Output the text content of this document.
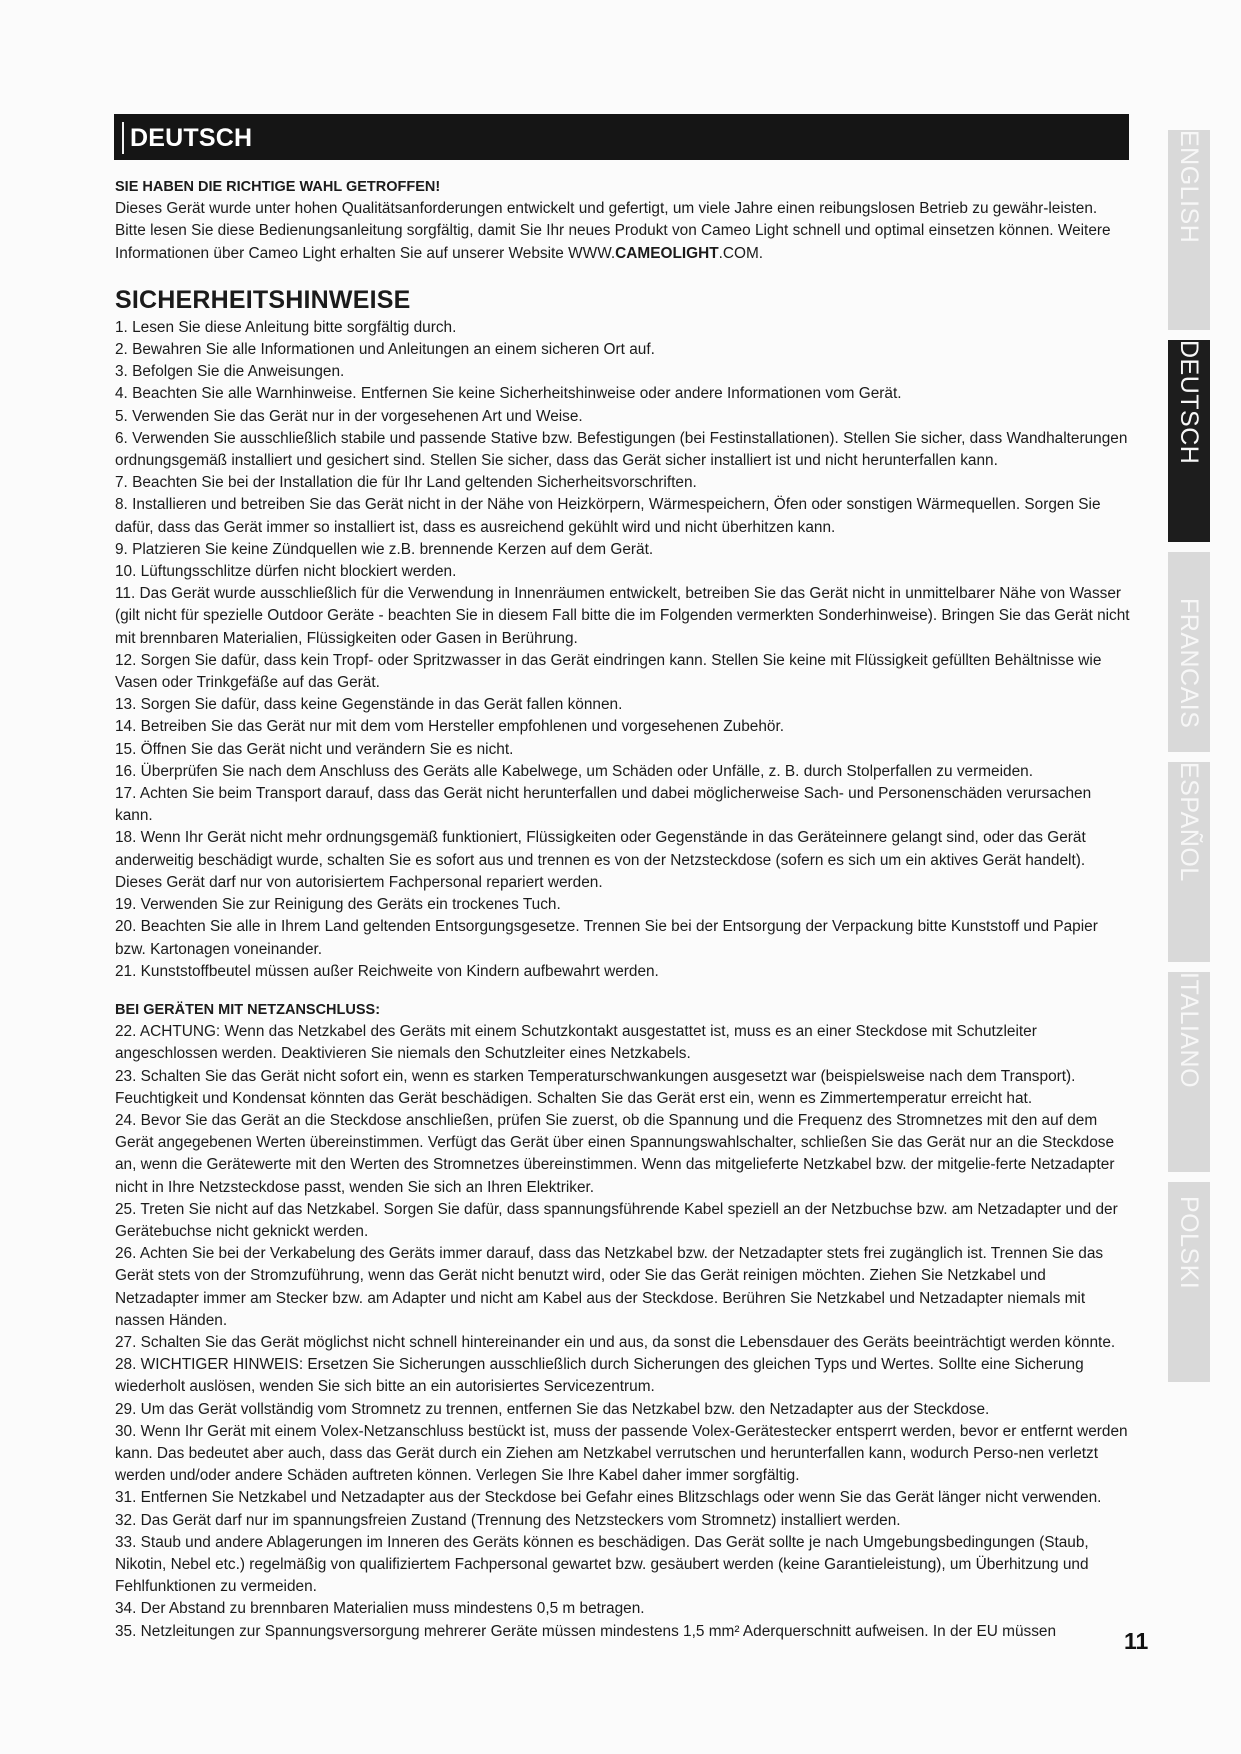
DEUTSCH

SIE HABEN DIE RICHTIGE WAHL GETROFFEN!

Dieses Gerät wurde unter hohen Qualitätsanforderungen entwickelt und gefertigt, um viele Jahre einen reibungslosen Betrieb zu gewähr-leisten. Bitte lesen Sie diese Bedienungsanleitung sorgfältig, damit Sie Ihr neues Produkt von Cameo Light schnell und optimal einsetzen können. Weitere Informationen über Cameo Light erhalten Sie auf unserer Website WWW.CAMEOLIGHT.COM.

SICHERHEITSHINWEISE

1. Lesen Sie diese Anleitung bitte sorgfältig durch.

2. Bewahren Sie alle Informationen und Anleitungen an einem sicheren Ort auf.

3. Befolgen Sie die Anweisungen.

4. Beachten Sie alle Warnhinweise. Entfernen Sie keine Sicherheitshinweise oder andere Informationen vom Gerät.

5. Verwenden Sie das Gerät nur in der vorgesehenen Art und Weise.

6. Verwenden Sie ausschließlich stabile und passende Stative bzw. Befestigungen (bei Festinstallationen). Stellen Sie sicher, dass Wandhalterungen ordnungsgemäß installiert und gesichert sind. Stellen Sie sicher, dass das Gerät sicher installiert ist und nicht herunterfallen kann.

7. Beachten Sie bei der Installation die für Ihr Land geltenden Sicherheitsvorschriften.

8. Installieren und betreiben Sie das Gerät nicht in der Nähe von Heizkörpern, Wärmespeichern, Öfen oder sonstigen Wärmequellen. Sorgen Sie dafür, dass das Gerät immer so installiert ist, dass es ausreichend gekühlt wird und nicht überhitzen kann.

9. Platzieren Sie keine Zündquellen wie z.B. brennende Kerzen auf dem Gerät.

10. Lüftungsschlitze dürfen nicht blockiert werden.

11. Das Gerät wurde ausschließlich für die Verwendung in Innenräumen entwickelt, betreiben Sie das Gerät nicht in unmittelbarer Nähe von Wasser (gilt nicht für spezielle Outdoor Geräte - beachten Sie in diesem Fall bitte die im Folgenden vermerkten Sonderhinweise). Bringen Sie das Gerät nicht mit brennbaren Materialien, Flüssigkeiten oder Gasen in Berührung.

12. Sorgen Sie dafür, dass kein Tropf- oder Spritzwasser in das Gerät eindringen kann. Stellen Sie keine mit Flüssigkeit gefüllten Behältnisse wie Vasen oder Trinkgefäße auf das Gerät.

13. Sorgen Sie dafür, dass keine Gegenstände in das Gerät fallen können.

14. Betreiben Sie das Gerät nur mit dem vom Hersteller empfohlenen und vorgesehenen Zubehör.

15. Öffnen Sie das Gerät nicht und verändern Sie es nicht.

16. Überprüfen Sie nach dem Anschluss des Geräts alle Kabelwege, um Schäden oder Unfälle, z. B. durch Stolperfallen zu vermeiden.

17. Achten Sie beim Transport darauf, dass das Gerät nicht herunterfallen und dabei möglicherweise Sach- und Personenschäden verursachen kann.

18. Wenn Ihr Gerät nicht mehr ordnungsgemäß funktioniert, Flüssigkeiten oder Gegenstände in das Geräteinnere gelangt sind, oder das Gerät anderweitig beschädigt wurde, schalten Sie es sofort aus und trennen es von der Netzsteckdose (sofern es sich um ein aktives Gerät handelt). Dieses Gerät darf nur von autorisiertem Fachpersonal repariert werden.

19. Verwenden Sie zur Reinigung des Geräts ein trockenes Tuch.

20. Beachten Sie alle in Ihrem Land geltenden Entsorgungsgesetze. Trennen Sie bei der Entsorgung der Verpackung bitte Kunststoff und Papier bzw. Kartonagen voneinander.

21. Kunststoffbeutel müssen außer Reichweite von Kindern aufbewahrt werden.

BEI GERÄTEN MIT NETZANSCHLUSS:

22. ACHTUNG: Wenn das Netzkabel des Geräts mit einem Schutzkontakt ausgestattet ist, muss es an einer Steckdose mit Schutzleiter angeschlossen werden. Deaktivieren Sie niemals den Schutzleiter eines Netzkabels.

23. Schalten Sie das Gerät nicht sofort ein, wenn es starken Temperaturschwankungen ausgesetzt war (beispielsweise nach dem Transport). Feuchtigkeit und Kondensat könnten das Gerät beschädigen. Schalten Sie das Gerät erst ein, wenn es Zimmertemperatur erreicht hat.

24. Bevor Sie das Gerät an die Steckdose anschließen, prüfen Sie zuerst, ob die Spannung und die Frequenz des Stromnetzes mit den auf dem Gerät angegebenen Werten übereinstimmen. Verfügt das Gerät über einen Spannungswahlschalter, schließen Sie das Gerät nur an die Steckdose an, wenn die Gerätewerte mit den Werten des Stromnetzes übereinstimmen. Wenn das mitgelieferte Netzkabel bzw. der mitgelie-ferte Netzadapter nicht in Ihre Netzsteckdose passt, wenden Sie sich an Ihren Elektriker.

25. Treten Sie nicht auf das Netzkabel. Sorgen Sie dafür, dass spannungsführende Kabel speziell an der Netzbuchse bzw. am Netzadapter und der Gerätebuchse nicht geknickt werden.

26. Achten Sie bei der Verkabelung des Geräts immer darauf, dass das Netzkabel bzw. der Netzadapter stets frei zugänglich ist. Trennen Sie das Gerät stets von der Stromzuführung, wenn das Gerät nicht benutzt wird, oder Sie das Gerät reinigen möchten. Ziehen Sie Netzkabel und Netzadapter immer am Stecker bzw. am Adapter und nicht am Kabel aus der Steckdose. Berühren Sie Netzkabel und Netzadapter niemals mit nassen Händen.

27. Schalten Sie das Gerät möglichst nicht schnell hintereinander ein und aus, da sonst die Lebensdauer des Geräts beeinträchtigt werden könnte.

28. WICHTIGER HINWEIS: Ersetzen Sie Sicherungen ausschließlich durch Sicherungen des gleichen Typs und Wertes. Sollte eine Sicherung wiederholt auslösen, wenden Sie sich bitte an ein autorisiertes Servicezentrum.

29. Um das Gerät vollständig vom Stromnetz zu trennen, entfernen Sie das Netzkabel bzw. den Netzadapter aus der Steckdose.

30. Wenn Ihr Gerät mit einem Volex-Netzanschluss bestückt ist, muss der passende Volex-Gerätestecker entsperrt werden, bevor er entfernt werden kann. Das bedeutet aber auch, dass das Gerät durch ein Ziehen am Netzkabel verrutschen und herunterfallen kann, wodurch Perso-nen verletzt werden und/oder andere Schäden auftreten können. Verlegen Sie Ihre Kabel daher immer sorgfältig.

31. Entfernen Sie Netzkabel und Netzadapter aus der Steckdose bei Gefahr eines Blitzschlags oder wenn Sie das Gerät länger nicht verwenden.

32. Das Gerät darf nur im spannungsfreien Zustand (Trennung des Netzsteckers vom Stromnetz) installiert werden.

33. Staub und andere Ablagerungen im Inneren des Geräts können es beschädigen. Das Gerät sollte je nach Umgebungsbedingungen (Staub, Nikotin, Nebel etc.) regelmäßig von qualifiziertem Fachpersonal gewartet bzw. gesäubert werden (keine Garantieleistung), um Überhitzung und Fehlfunktionen zu vermeiden.

34. Der Abstand zu brennbaren Materialien muss mindestens 0,5 m betragen.

35. Netzleitungen zur Spannungsversorgung mehrerer Geräte müssen mindestens 1,5 mm² Aderquerschnitt aufweisen. In der EU müssen

ENGLISH
DEUTSCH
FRANCAIS
ESPAÑOL
ITALIANO
POLSKI
11
